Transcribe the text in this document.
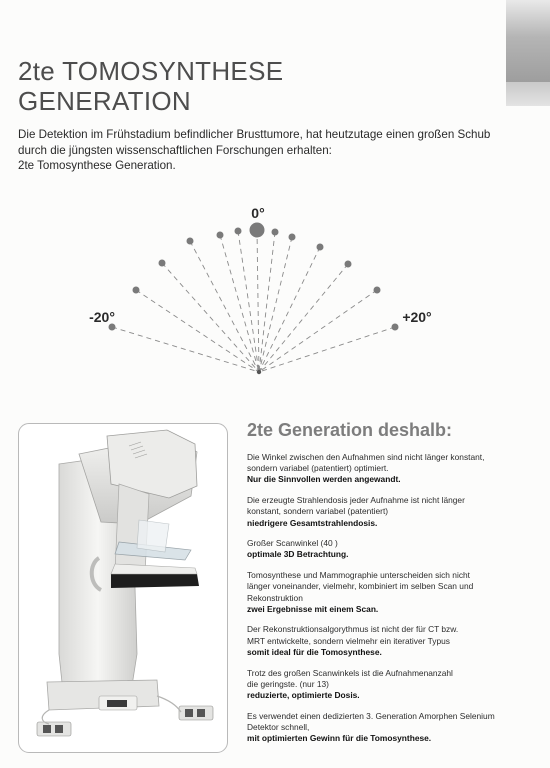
2te TOMOSYNTHESE
GENERATION

Die Detektion im Frühstadium befindlicher Brusttumore, hat heutzutage einen großen Schub
durch die jüngsten wissenschaftlichen Forschungen erhalten:
2te Tomosynthese Generation.

0°
-20°	+20°
2te Generation deshalb:

Die Winkel zwischen den Aufnahmen sind nicht länger konstant,
sondern variabel (patentiert) optimiert.
Nur die Sinnvollen werden angewandt.

Die erzeugte Strahlendosis jeder Aufnahme ist nicht länger
konstant, sondern variabel (patentiert)
niedrigere Gesamtstrahlendosis.

Großer Scanwinkel (40 )
optimale 3D Betrachtung.

Tomosynthese und Mammographie unterscheiden sich nicht
länger voneinander, vielmehr, kombiniert im selben Scan und
Rekonstruktion
zwei Ergebnisse mit einem Scan.

Der Rekonstruktionsalgorythmus ist nicht der für CT bzw.
MRT entwickelte, sondern vielmehr ein iterativer Typus
somit ideal für die Tomosynthese.

Trotz des großen Scanwinkels ist die Aufnahmenanzahl
die geringste. (nur 13)
reduzierte, optimierte Dosis.

Es verwendet einen dedizierten 3. Generation Amorphen Selenium
Detektor schnell,
mit optimierten Gewinn für die Tomosynthese.
